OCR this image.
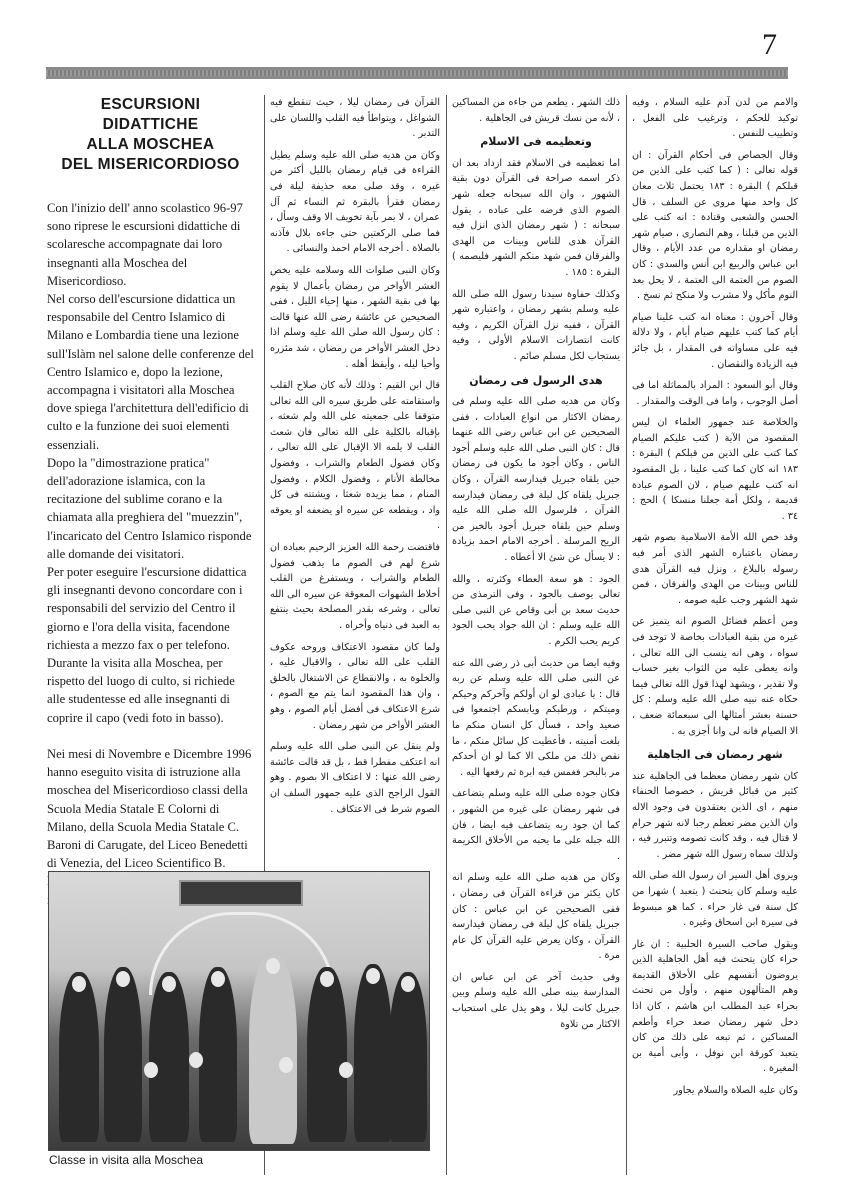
7
ESCURSIONI
DIDATTICHE
ALLA MOSCHEA
DEL MISERICORDIOSO

Con l'inizio dell' anno scolastico 96-97 sono riprese le escursioni didattiche di scolaresche accompagnate dai loro insegnanti alla Moschea del Misericordioso.

Nel corso dell'escursione didattica un responsabile del Centro Islamico di Milano e Lombardia tiene una lezione sull'Islàm nel salone delle conferenze del Centro Islamico e, dopo la lezione, accompagna i visitatori alla Moschea dove spiega l'architettura dell'edificio di culto e la funzione dei suoi elementi essenziali.

Dopo la "dimostrazione pratica" dell'adorazione islamica, con la recitazione del sublime corano e la chiamata alla preghiera del "muezzin", l'incaricato del Centro Islamico risponde alle domande dei visitatori.

Per poter eseguire l'escursione didattica gli insegnanti devono concordare con i responsabili del servizio del Centro il giorno e l'ora della visita, facendone richiesta a mezzo fax o per telefono.

Durante la visita alla Moschea, per rispetto del luogo di culto, si richiede alle studentesse ed alle insegnanti di coprire il capo (vedi foto in basso).

Nei mesi di Novembre e Dicembre 1996 hanno eseguito visita di istruzione alla moschea del Misericordioso classi della Scuola Media Statale E Colorni di Milano, della Scuola Media Statale C. Baroni di Carugate, del Liceo Benedetti di Venezia, del Liceo Scientifico B.

القرآن فى رمضان ليلا ، حيث تنقطع فيه الشواغل ، ويتواطأ فيه القلب واللسان على التدبر .

وكان من هديه صلى الله عليه وسلم يطيل القراءة فى قيام رمضان بالليل أكثر من غيره ، وقد صلى معه حذيفة ليلة فى رمضان فقرأ بالبقرة ثم النساء ثم آل عمران ، لا يمر بآية تخويف الا وقف وسأل ، فما صلى الركعتين حتى جاءه بلال فآذنه بالصلاة . أخرجه الامام احمد والنسائى .

وكان النبى صلوات الله وسلامه عليه يخص العشر الأواخر من رمضان بأعمال لا يقوم بها فى بقية الشهر ، منها إحياء الليل ، ففى الصحيحين عن عائشة رضى الله عنها قالت : كان رسول الله صلى الله عليه وسلم اذا دخل العشر الأواخر من رمضان ، شد مئزره وأحيا ليله ، وأيقظ أهله .

قال ابن القيم : وذلك لأنه كان صلاح القلب واستقامته على طريق سيره الى الله تعالى متوقفا على جمعيته على الله ولم شعثه ، بإقباله بالكلية على الله تعالى فان شعث القلب لا يلمه الا الإقبال على الله تعالى ، وكان فضول الطعام والشراب ، وفضول مخالطة الأنام ، وفضول الكلام ، وفضول المنام ، مما يزيده شعثا ، ويشتته فى كل واد ، ويقطعه عن سيره او يضعفه او يعوقه .

فاقتضت رحمة الله العزيز الرحيم بعباده ان شرع لهم فى الصوم ما يذهب فضول الطعام والشراب ، ويستفرغ من القلب أخلاط الشهوات المعوقة عن سيره الى الله تعالى ، وشرعه بقدر المصلحة بحيث ينتفع به العبد فى دنياه وأخراه .

ولما كان مقصود الاعتكاف وروحه عكوف القلب على الله تعالى ، والاقبال عليه ، والخلوة به ، والانقطاع عن الاشتغال بالخلق ، وان هذا المقصود انما يتم مع الصوم ، شرع الاعتكاف فى أفضل أيام الصوم ، وهو العشر الأواخر من شهر رمضان .

ولم ينقل عن النبى صلى الله عليه وسلم انه اعتكف مفطرا قط ، بل قد قالت عائشة رضى الله عنها : لا اعتكاف الا بصوم . وهو القول الراجح الذى عليه جمهور السلف ان الصوم شرط فى الاعتكاف .

ذلك الشهر ، يطعم من جاءه من المساكين ، لأنه من نسك قريش فى الجاهلية .

وتعظيمه فى الاسلام

اما تعظيمه فى الاسلام فقد ازداد بعد ان ذكر اسمه صراحة فى القرآن دون بقية الشهور ، وان الله سبحانه جعله شهر الصوم الذى فرضه على عباده ، يقول سبحانه : ( شهر رمضان الذى انزل فيه القرآن هدى للناس وبينات من الهدى والفرقان فمن شهد منكم الشهر فليصمه ) البقرة : ١٨٥ .

وكذلك حفاوة سيدنا رسول الله صلى الله عليه وسلم بشهر رمضان ، واعتباره شهر القرآن ، ففيه نزل القرآن الكريم ، وفيه كانت انتصارات الاسلام الأولى ، وفيه يستجاب لكل مسلم صائم .

هدى الرسول فى رمضان

وكان من هديه صلى الله عليه وسلم فى رمضان الاكثار من انواع العبادات ، ففى الصحيحين عن ابن عباس رضى الله عنهما قال : كان النبى صلى الله عليه وسلم أجود الناس ، وكان أجود ما يكون فى رمضان حين يلقاه جبريل فيدارسه القرآن ، وكان جبريل يلقاه كل ليلة فى رمضان فيدارسه القرآن ، فلرسول الله صلى الله عليه وسلم حين يلقاه جبريل أجود بالخير من الريح المرسلة . أخرجه الامام احمد بزيادة : لا يسأل عن شئ الا أعطاه .

الجود : هو سعة العطاء وكثرته ، والله تعالى يوصف بالجود ، وفى الترمذى من حديث سعد بن أبى وقاص عن النبى صلى الله عليه وسلم : ان الله جواد يحب الجود كريم يحب الكرم .

وفيه ايضا من حديث أبى ذر رضى الله عنه عن النبى صلى الله عليه وسلم عن ربه قال : يا عبادى لو ان أولكم وآخركم وحيكم وميتكم ، ورطبكم ويابسكم اجتمعوا فى صعيد واحد ، فسأل كل انسان منكم ما بلغت أمنيته ، فأعطيت كل سائل منكم ، ما نقص ذلك من ملكى الا كما لو ان أحدكم مر بالبحر فغمس فيه ابرة ثم رفعها اليه .

فكان جوده صلى الله عليه وسلم يتضاعف فى شهر رمضان على غيره من الشهور ، كما ان جود ربه يتضاعف فيه ايضا ، فان الله جبله على ما يحبه من الأخلاق الكريمة .

وكان من هديه صلى الله عليه وسلم انه كان يكثر من قراءة القرآن فى رمضان ، ففى الصحيحين عن ابن عباس : كان جبريل يلقاه كل ليلة فى رمضان فيدارسه القرآن ، وكان يعرض عليه القرآن كل عام مرة .

وفى حديث آخر عن ابن عباس ان المدارسة بينه صلى الله عليه وسلم وبين جبريل كانت ليلا ، وهو يدل على استحباب الاكثار من تلاوة

والامم من لدن آدم عليه السلام ، وفيه توكيد للحكم ، وترغيب على الفعل ، وتطييب للنفس .

وقال الجصاص فى أحكام القرآن : ان قوله تعالى : ( كما كتب على الذين من قبلكم ) البقرة : ١٨٣ يحتمل ثلاث معان كل واحد منها مروى عن السلف ، قال الحسن والشعبى وقتادة : انه كتب على الذين من قبلنا ، وهم النصارى ، صيام شهر رمضان او مقداره من عدد الأيام ، وقال ابن عباس والربيع ابن أنس والسدى : كان الصوم من العتمة الى العتمة ، لا يحل بعد النوم مأكل ولا مشرب ولا منكح ثم نسخ .

وقال آخرون : معناه انه كتب علينا صيام أيام كما كتب عليهم صيام أيام ، ولا دلالة فيه على مساواته فى المقدار ، بل جائز فيه الزيادة والنقصان .

وقال أبو السعود : المراد بالمماثلة اما فى أصل الوجوب ، واما فى الوقت والمقدار .

والخلاصة عند جمهور العلماء ان ليس المقصود من الآية ( كتب عليكم الصيام كما كتب على الذين من قبلكم ) البقرة : ١٨٣ انه كان كما كتب علينا ، بل المقصود انه كتب عليهم صيام ، لان الصوم عبادة قديمة ، ولكل أمة جعلنا منسكا ) الحج : ٣٤ .

وقد خص الله الأمة الاسلامية بصوم شهر رمضان باعتباره الشهر الذى أمر فيه رسوله بالبلاغ ، ونزل فيه القرآن هدى للناس وبينات من الهدى والفرقان ، فمن شهد الشهر وجب عليه صومه .

ومن أعظم فضائل الصوم انه يتميز عن غيره من بقية العبادات بخاصة لا توجد فى سواه ، وهى انه ينسب الى الله تعالى ، وانه يعطى عليه من الثواب بغير حساب ولا تقدير ، ويشهد لهذا قول الله تعالى فيما حكاه عنه نبيه صلى الله عليه وسلم : كل حسنة بعشر أمثالها الى سبعمائة ضعف ، الا الصيام فانه لى وانا أجزى به .

شهر رمضان فى الجاهلية

كان شهر رمضان معظما فى الجاهلية عند كثير من قبائل قريش ، خصوصا الحنفاء منهم ، اى الذين يعتقدون فى وجود الاله وان الذين مضر تعظم رجبا لانه شهر حرام لا قتال فيه ، وقد كانت تصومه وتتبرر فيه ، ولذلك سماه رسول الله شهر مضر .

ويروى أهل السير ان رسول الله صلى الله عليه وسلم كان يتحنث ( يتعبد ) شهرا من كل سنة فى غار حراء ، كما هو مبسوط فى سيرة ابن اسحاق وغيره .

ويقول صاحب السيرة الحلبية : ان غار حراء كان يتحنث فيه أهل الجاهلية الذين يروضون أنفسهم على الأخلاق القديمة وهم المتألهون منهم ، وأول من تحنث بحراء عبد المطلب ابن هاشم ، كان اذا دخل شهر رمضان صعد حراء وأطعم المساكين ، ثم تبعه على ذلك من كان يتعبد كورقة ابن نوفل ، وأبى أمية بن المغيرة .

وكان عليه الصلاة والسلام يجاور

Classe in visita alla Moschea
